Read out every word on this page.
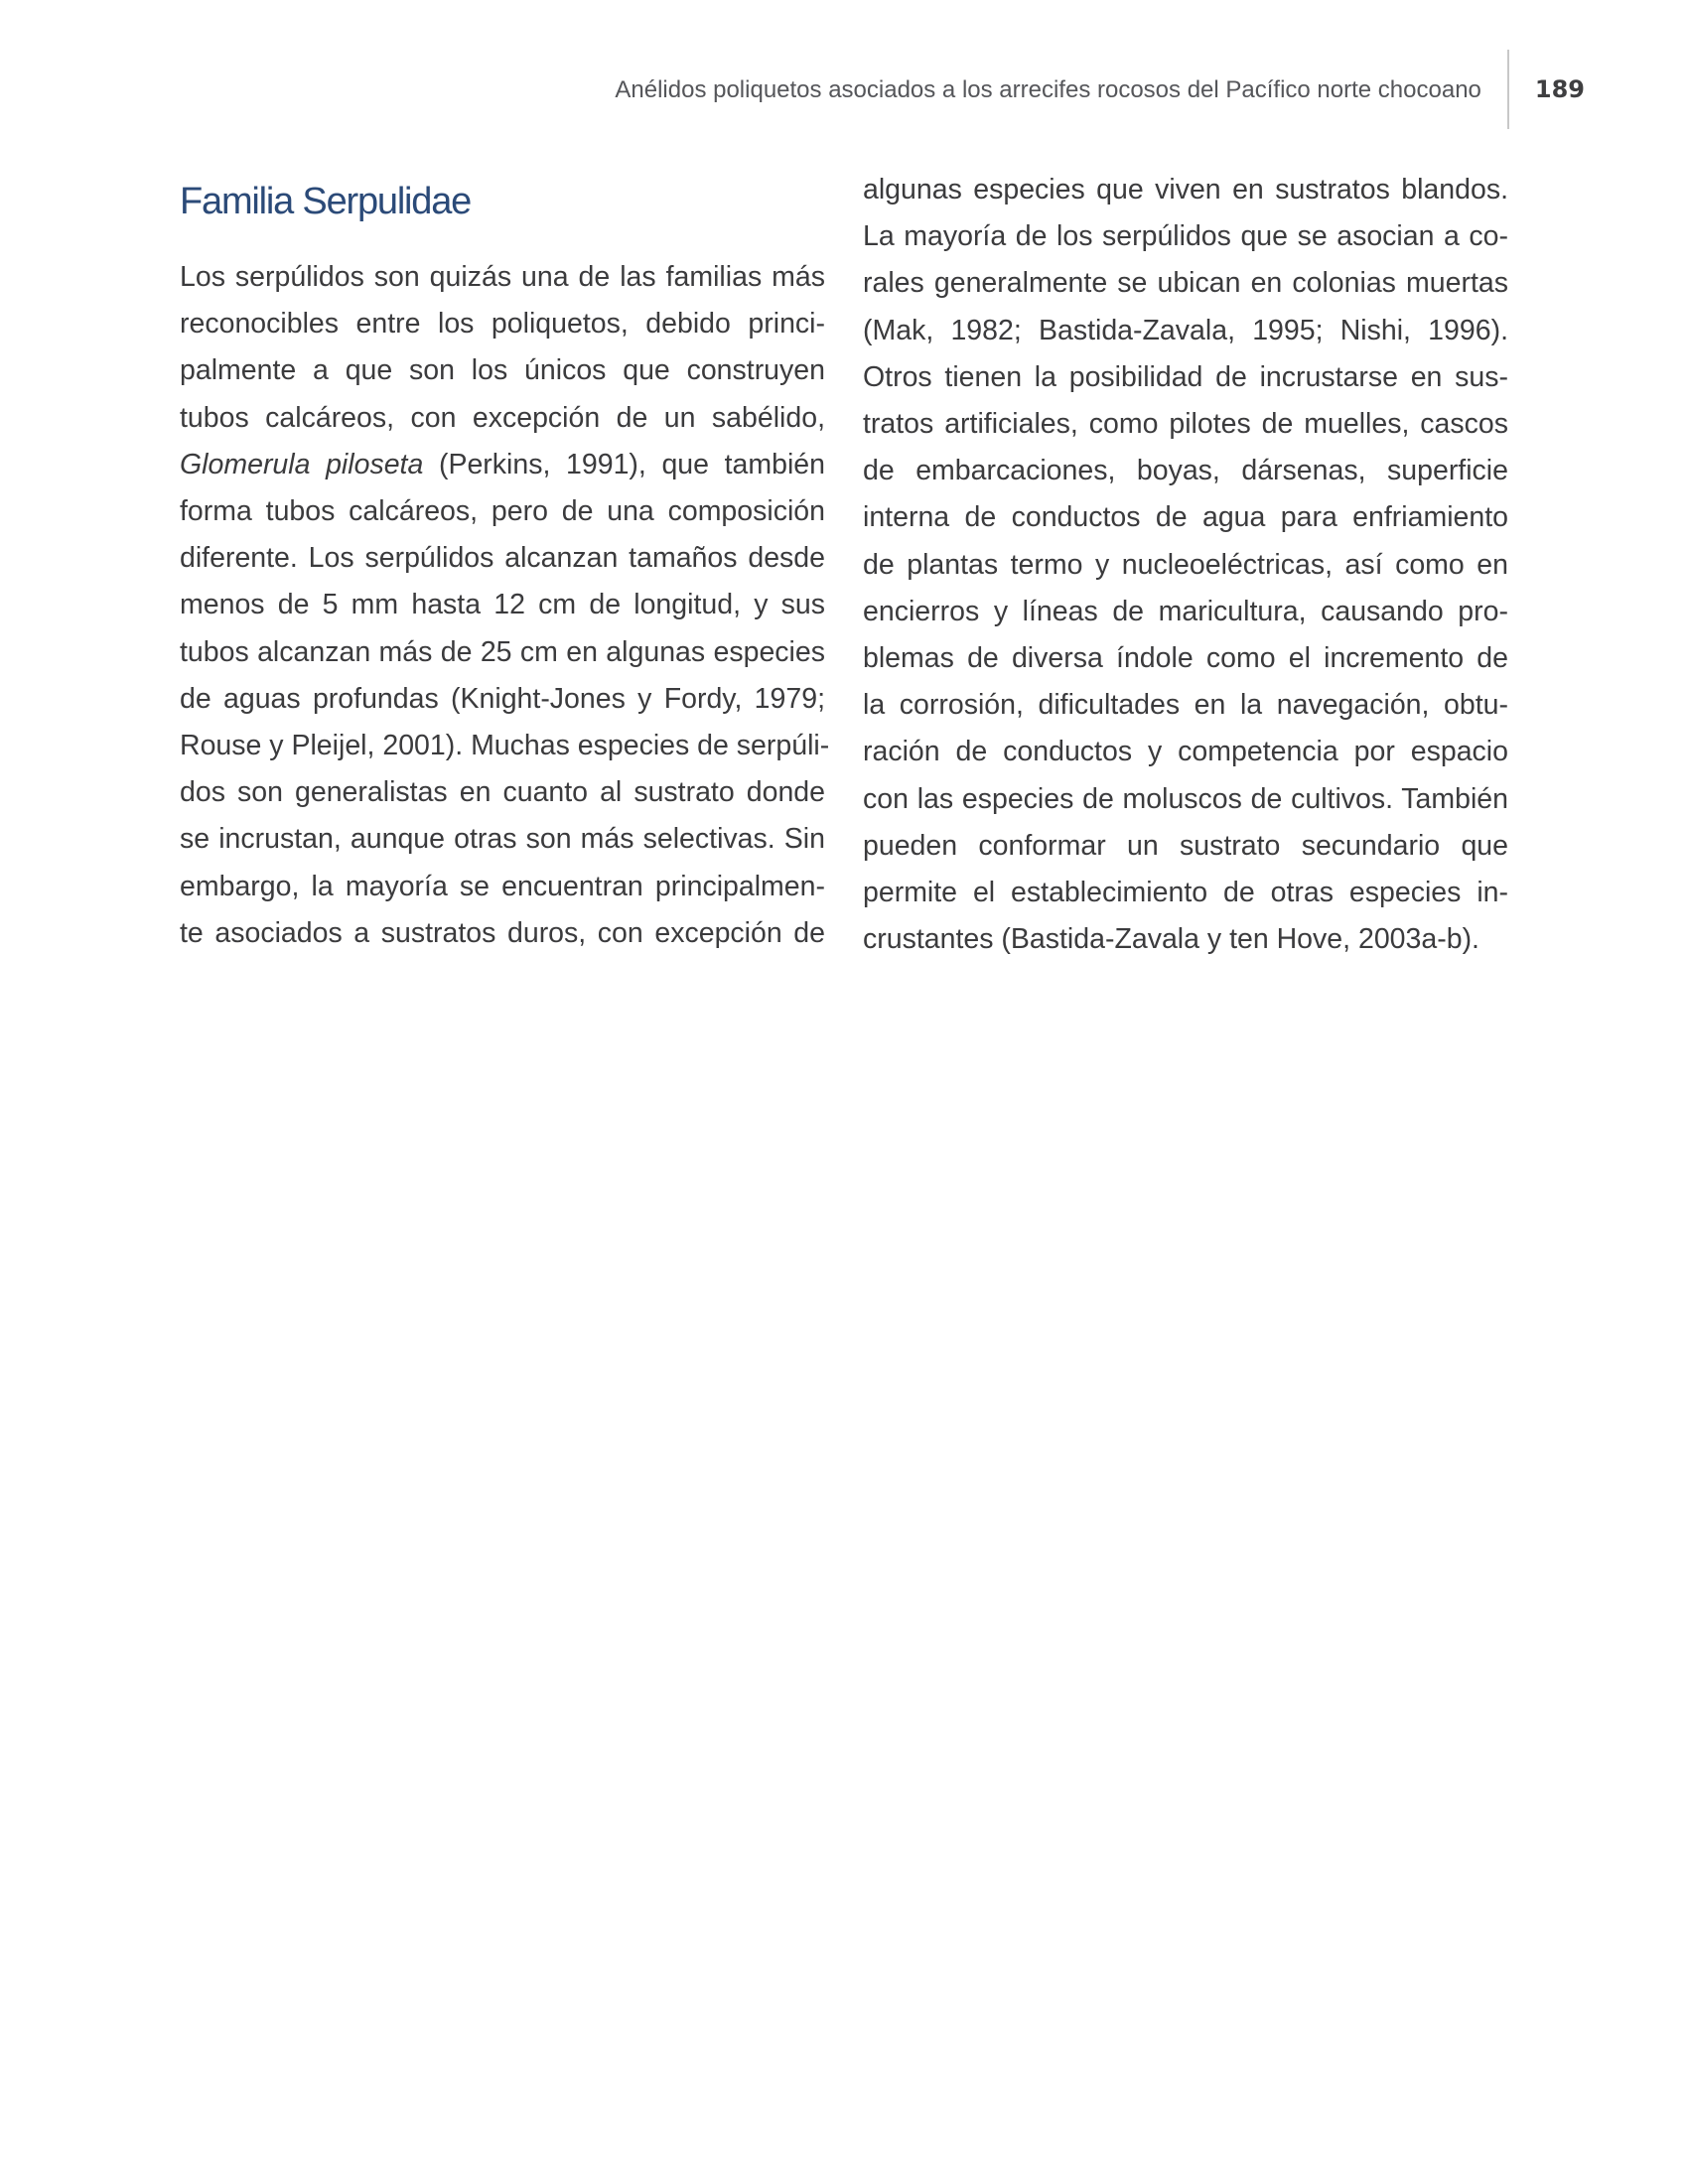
Anélidos poliquetos asociados a los arrecifes rocosos del Pacífico norte chocoano	189
Familia Serpulidae

Los serpúlidos son quizás una de las familias más
reconocibles entre los poliquetos, debido princi-
palmente a que son los únicos que construyen
tubos calcáreos, con excepción de un sabélido,
Glomerula piloseta (Perkins, 1991), que también
forma tubos calcáreos, pero de una composición
diferente. Los serpúlidos alcanzan tamaños desde
menos de 5 mm hasta 12 cm de longitud, y sus
tubos alcanzan más de 25 cm en algunas especies
de aguas profundas (Knight-Jones y Fordy, 1979;
Rouse y Pleijel, 2001). Muchas especies de serpúli-
dos son generalistas en cuanto al sustrato donde
se incrustan, aunque otras son más selectivas. Sin
embargo, la mayoría se encuentran principalmen-
te asociados a sustratos duros, con excepción de

algunas especies que viven en sustratos blandos.
La mayoría de los serpúlidos que se asocian a co-
rales generalmente se ubican en colonias muertas
(Mak, 1982; Bastida-Zavala, 1995; Nishi, 1996).
Otros tienen la posibilidad de incrustarse en sus-
tratos artificiales, como pilotes de muelles, cascos
de embarcaciones, boyas, dársenas, superficie
interna de conductos de agua para enfriamiento
de plantas termo y nucleoeléctricas, así como en
encierros y líneas de maricultura, causando pro-
blemas de diversa índole como el incremento de
la corrosión, dificultades en la navegación, obtu-
ración de conductos y competencia por espacio
con las especies de moluscos de cultivos. También
pueden conformar un sustrato secundario que
permite el establecimiento de otras especies in-
crustantes (Bastida-Zavala y ten Hove, 2003a-b).
